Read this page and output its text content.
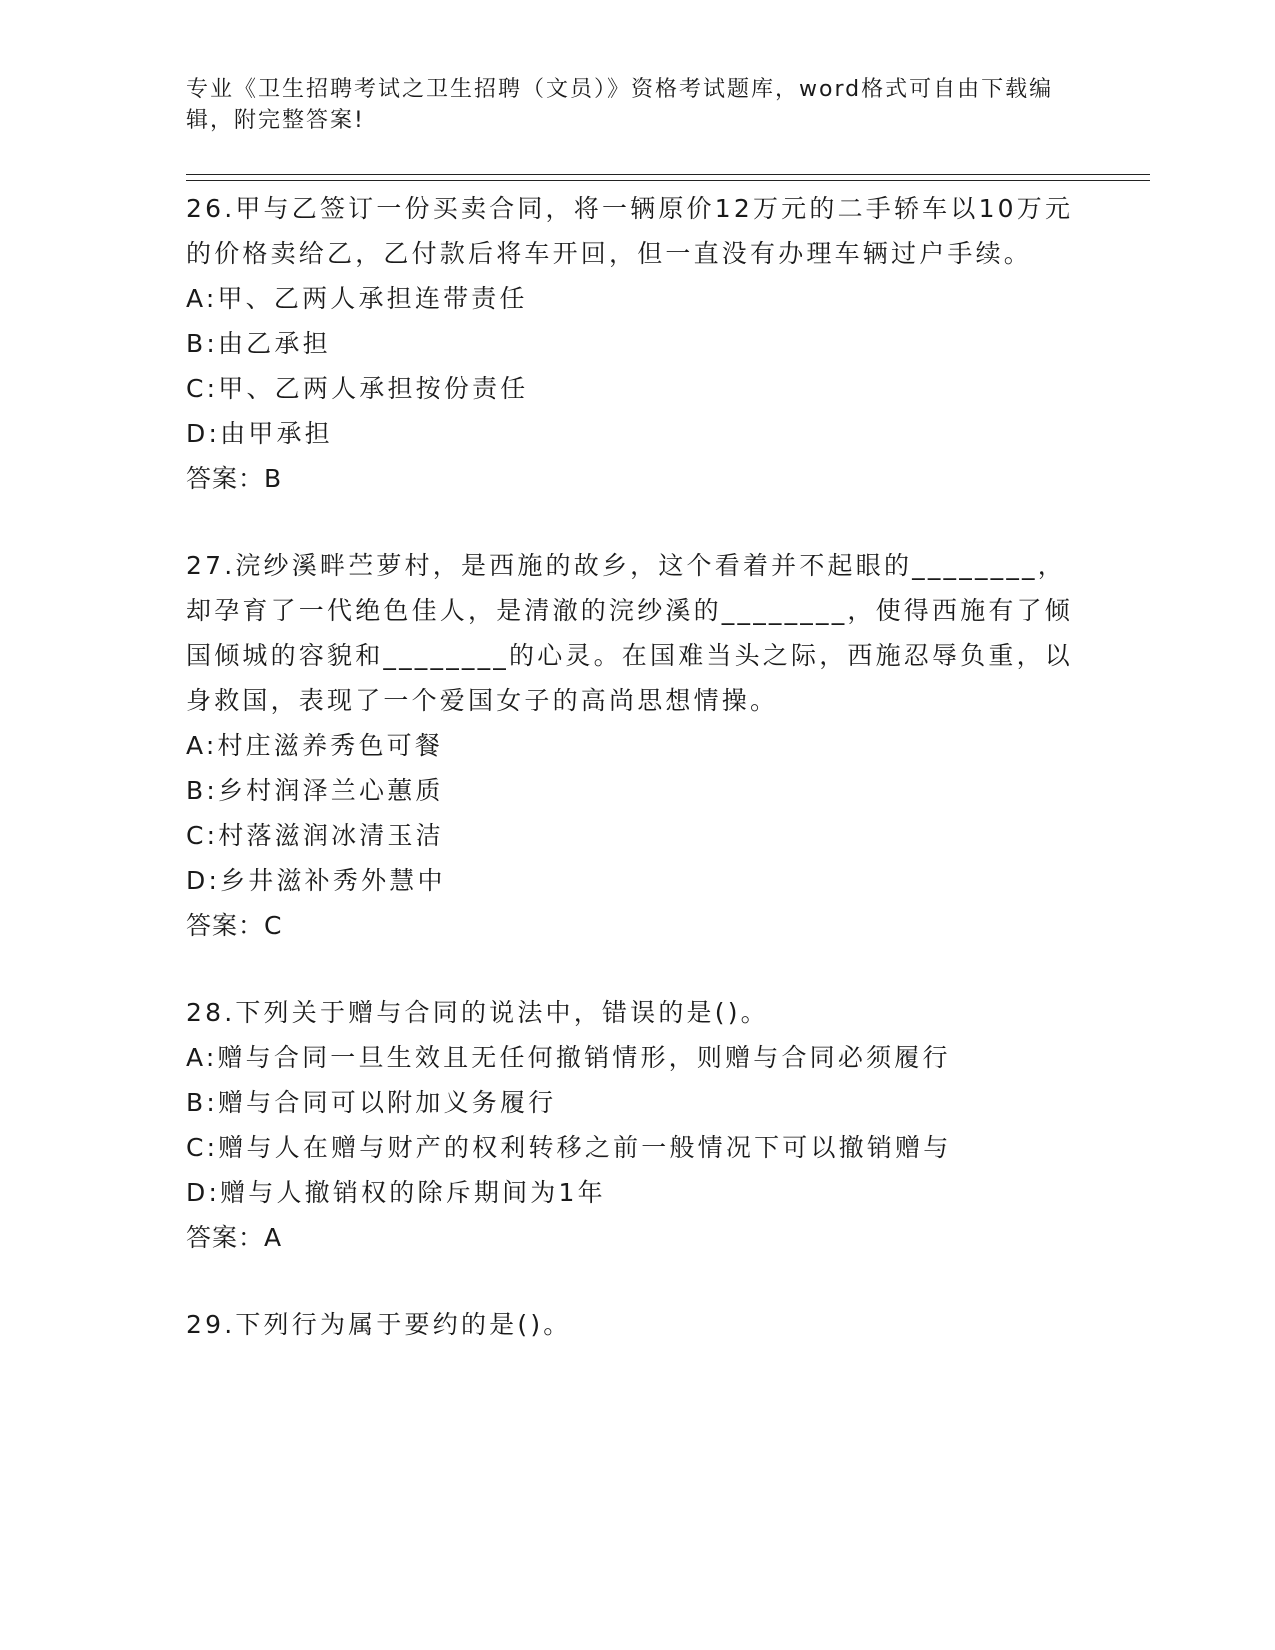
专业《卫生招聘考试之卫生招聘（文员）》资格考试题库，word格式可自由下载编辑，附完整答案!

26.甲与乙签订一份买卖合同，将一辆原价12万元的二手轿车以10万元的价格卖给乙，乙付款后将车开回，但一直没有办理车辆过户手续。

A:甲、乙两人承担连带责任

B:由乙承担

C:甲、乙两人承担按份责任

D:由甲承担

答案：B

27.浣纱溪畔苎萝村，是西施的故乡，这个看着并不起眼的________，却孕育了一代绝色佳人，是清澈的浣纱溪的________，使得西施有了倾国倾城的容貌和________的心灵。在国难当头之际，西施忍辱负重，以身救国，表现了一个爱国女子的高尚思想情操。

A:村庄滋养秀色可餐

B:乡村润泽兰心蕙质

C:村落滋润冰清玉洁

D:乡井滋补秀外慧中

答案：C

28.下列关于赠与合同的说法中，错误的是()。

A:赠与合同一旦生效且无任何撤销情形，则赠与合同必须履行

B:赠与合同可以附加义务履行

C:赠与人在赠与财产的权利转移之前一般情况下可以撤销赠与

D:赠与人撤销权的除斥期间为1年

答案：A

29.下列行为属于要约的是()。
